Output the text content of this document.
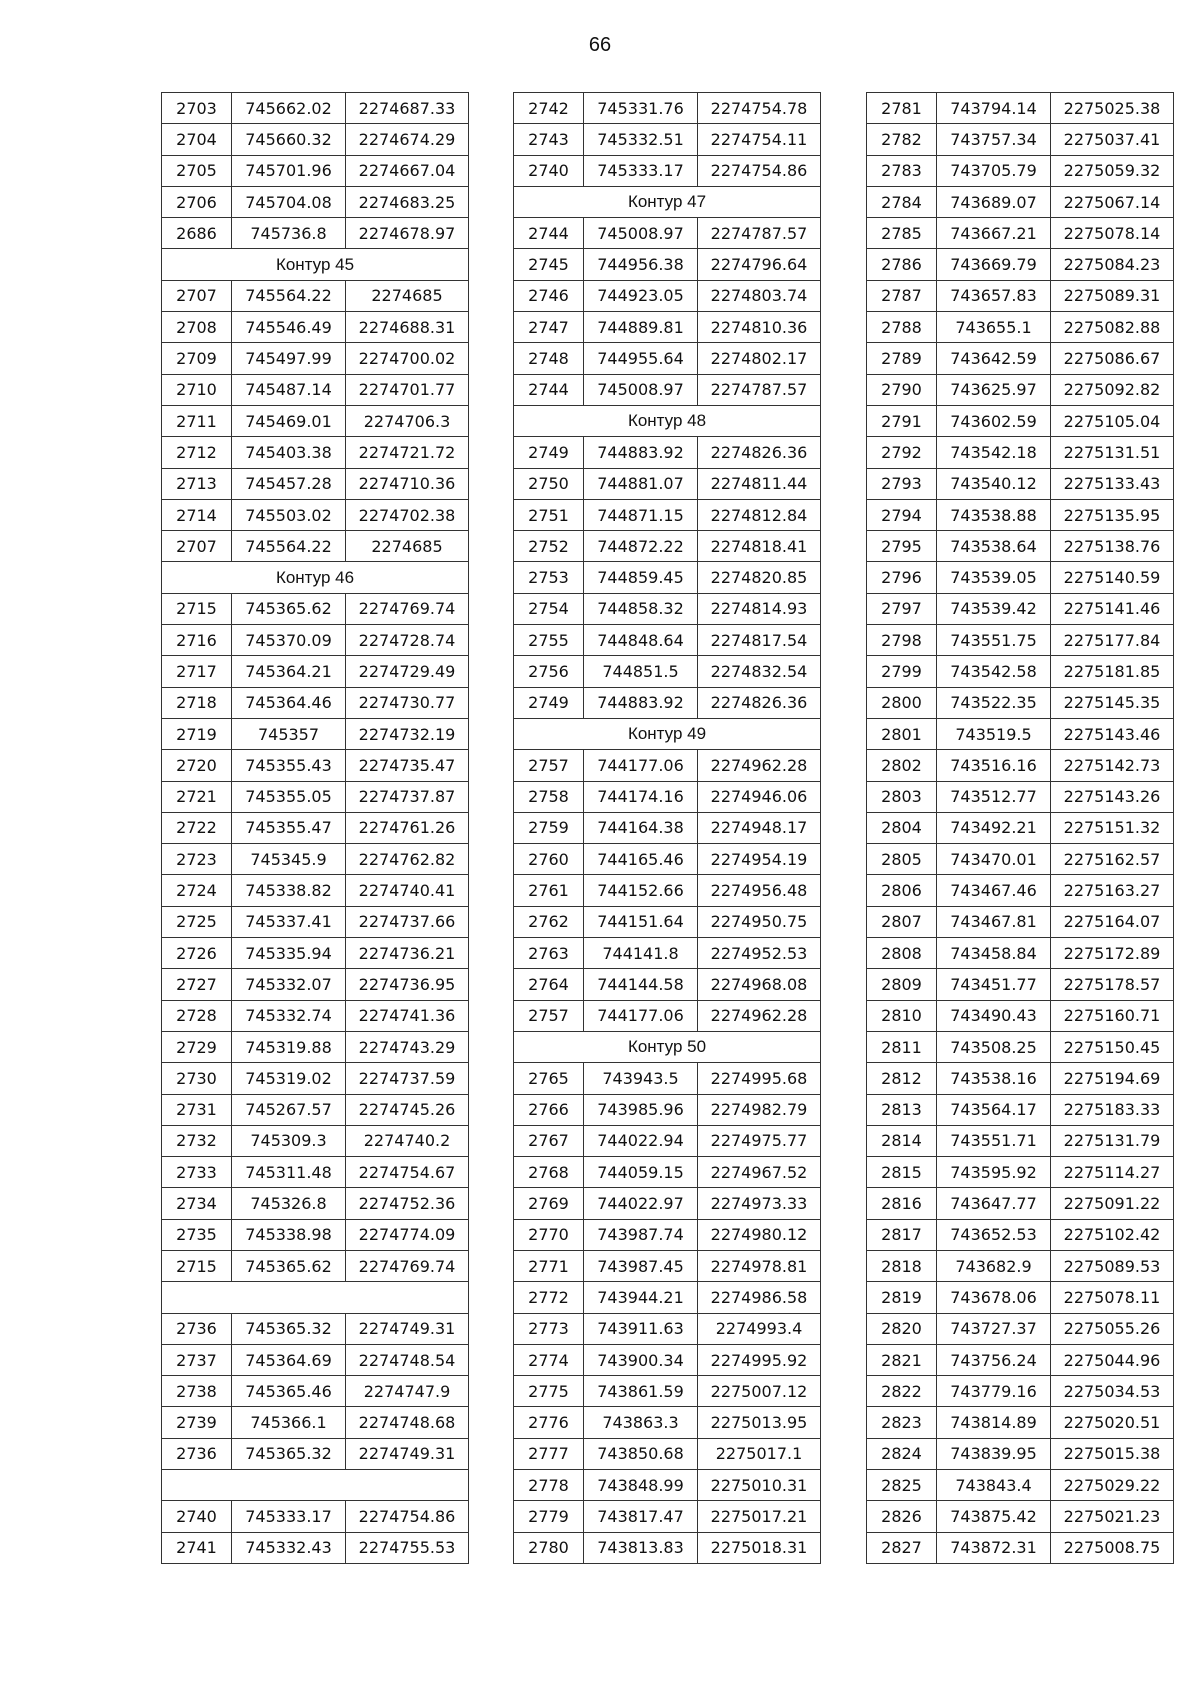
66
2703	745662.02	2274687.33
2704	745660.32	2274674.29
2705	745701.96	2274667.04
2706	745704.08	2274683.25
2686	745736.8	2274678.97
Контур 45		
2707	745564.22	2274685
2708	745546.49	2274688.31
2709	745497.99	2274700.02
2710	745487.14	2274701.77
2711	745469.01	2274706.3
2712	745403.38	2274721.72
2713	745457.28	2274710.36
2714	745503.02	2274702.38
2707	745564.22	2274685
Контур 46		
2715	745365.62	2274769.74
2716	745370.09	2274728.74
2717	745364.21	2274729.49
2718	745364.46	2274730.77
2719	745357	2274732.19
2720	745355.43	2274735.47
2721	745355.05	2274737.87
2722	745355.47	2274761.26
2723	745345.9	2274762.82
2724	745338.82	2274740.41
2725	745337.41	2274737.66
2726	745335.94	2274736.21
2727	745332.07	2274736.95
2728	745332.74	2274741.36
2729	745319.88	2274743.29
2730	745319.02	2274737.59
2731	745267.57	2274745.26
2732	745309.3	2274740.2
2733	745311.48	2274754.67
2734	745326.8	2274752.36
2735	745338.98	2274774.09
2715	745365.62	2274769.74

2736	745365.32	2274749.31
2737	745364.69	2274748.54
2738	745365.46	2274747.9
2739	745366.1	2274748.68
2736	745365.32	2274749.31

2740	745333.17	2274754.86
2741	745332.43	2274755.53
2742	745331.76	2274754.78
2743	745332.51	2274754.11
2740	745333.17	2274754.86
Контур 47		
2744	745008.97	2274787.57
2745	744956.38	2274796.64
2746	744923.05	2274803.74
2747	744889.81	2274810.36
2748	744955.64	2274802.17
2744	745008.97	2274787.57
Контур 48		
2749	744883.92	2274826.36
2750	744881.07	2274811.44
2751	744871.15	2274812.84
2752	744872.22	2274818.41
2753	744859.45	2274820.85
2754	744858.32	2274814.93
2755	744848.64	2274817.54
2756	744851.5	2274832.54
2749	744883.92	2274826.36
Контур 49		
2757	744177.06	2274962.28
2758	744174.16	2274946.06
2759	744164.38	2274948.17
2760	744165.46	2274954.19
2761	744152.66	2274956.48
2762	744151.64	2274950.75
2763	744141.8	2274952.53
2764	744144.58	2274968.08
2757	744177.06	2274962.28
Контур 50		
2765	743943.5	2274995.68
2766	743985.96	2274982.79
2767	744022.94	2274975.77
2768	744059.15	2274967.52
2769	744022.97	2274973.33
2770	743987.74	2274980.12
2771	743987.45	2274978.81
2772	743944.21	2274986.58
2773	743911.63	2274993.4
2774	743900.34	2274995.92
2775	743861.59	2275007.12
2776	743863.3	2275013.95
2777	743850.68	2275017.1
2778	743848.99	2275010.31
2779	743817.47	2275017.21
2780	743813.83	2275018.31
2781	743794.14	2275025.38
2782	743757.34	2275037.41
2783	743705.79	2275059.32
2784	743689.07	2275067.14
2785	743667.21	2275078.14
2786	743669.79	2275084.23
2787	743657.83	2275089.31
2788	743655.1	2275082.88
2789	743642.59	2275086.67
2790	743625.97	2275092.82
2791	743602.59	2275105.04
2792	743542.18	2275131.51
2793	743540.12	2275133.43
2794	743538.88	2275135.95
2795	743538.64	2275138.76
2796	743539.05	2275140.59
2797	743539.42	2275141.46
2798	743551.75	2275177.84
2799	743542.58	2275181.85
2800	743522.35	2275145.35
2801	743519.5	2275143.46
2802	743516.16	2275142.73
2803	743512.77	2275143.26
2804	743492.21	2275151.32
2805	743470.01	2275162.57
2806	743467.46	2275163.27
2807	743467.81	2275164.07
2808	743458.84	2275172.89
2809	743451.77	2275178.57
2810	743490.43	2275160.71
2811	743508.25	2275150.45
2812	743538.16	2275194.69
2813	743564.17	2275183.33
2814	743551.71	2275131.79
2815	743595.92	2275114.27
2816	743647.77	2275091.22
2817	743652.53	2275102.42
2818	743682.9	2275089.53
2819	743678.06	2275078.11
2820	743727.37	2275055.26
2821	743756.24	2275044.96
2822	743779.16	2275034.53
2823	743814.89	2275020.51
2824	743839.95	2275015.38
2825	743843.4	2275029.22
2826	743875.42	2275021.23
2827	743872.31	2275008.75
